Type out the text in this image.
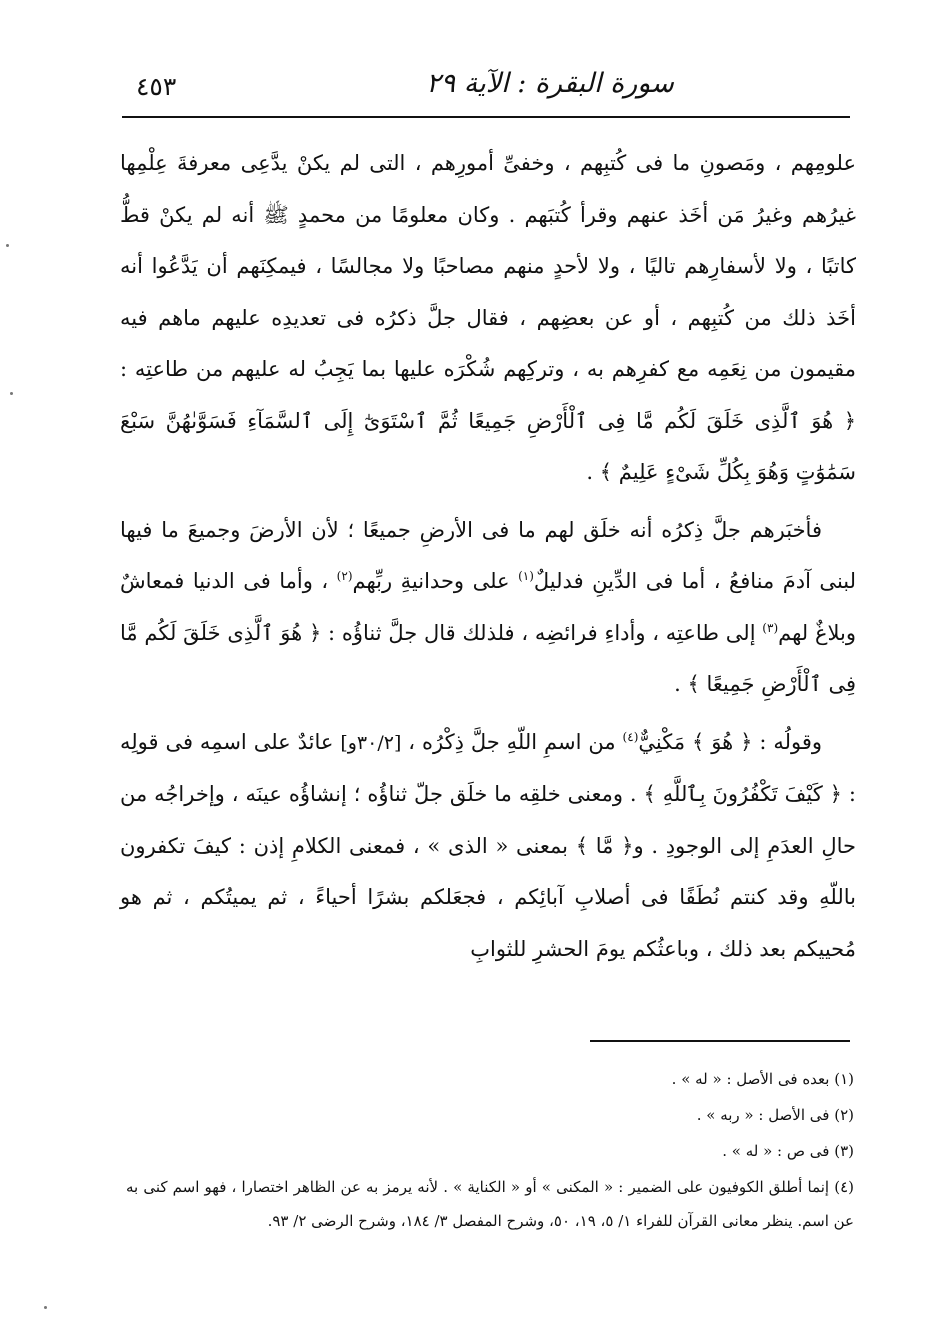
٤٥٣	سورة البقرة : الآية ٢٩

علومِهم ، ومَصونِ ما فى كُتبِهم ، وخفىِّ أمورِهم ، التى لم يكنْ يدَّعِى معرفةَ عِلْمِها غيرُهم وغيرُ مَن أخَذ عنهم وقرأ كُتبَهم . وكان معلومًا من محمدٍ ﷺ أنه لم يكنْ قطُّ كاتبًا ، ولا لأسفارِهم تاليًا ، ولا لأحدٍ منهم مصاحبًا ولا مجالسًا ، فيمكِنَهم أن يَدَّعُوا أنه أخَذ ذلك من كُتبِهم ، أو عن بعضِهم ، فقال جلَّ ذكرُه فى تعديدِه عليهم ماهم فيه مقيمون من نِعَمِه مع كفرِهم به ، وتركِهم شُكْرَه عليها بما يَجِبُ له عليهم من طاعتِه : ﴿ هُوَ ٱلَّذِى خَلَقَ لَكُم مَّا فِى ٱلْأَرْضِ جَمِيعًا ثُمَّ ٱسْتَوَىٰٓ إِلَى ٱلسَّمَآءِ فَسَوَّىٰهُنَّ سَبْعَ سَمَٰوَٰتٍ وَهُوَ بِكُلِّ شَىْءٍ عَلِيمٌ ﴾ .

فأخبَرهم جلَّ ذِكرُه أنه خلَق لهم ما فى الأرضِ جميعًا ؛ لأن الأرضَ وجميعَ ما فيها لبنى آدمَ منافعُ ، أما فى الدِّينِ فدليلٌ$^{(١)}$ على وحدانيةِ ربِّهم$^{(٢)}$ ، وأما فى الدنيا فمعاشٌ وبلاغٌ لهم$^{(٣)}$ إلى طاعتِه ، وأداءِ فرائضِه ، فلذلك قال جلَّ ثناؤُه : ﴿ هُوَ ٱلَّذِى خَلَقَ لَكُم مَّا فِى ٱلْأَرْضِ جَمِيعًا ﴾ .

وقولُه : ﴿ هُوَ ﴾ مَكْنِيٌّ$^{(٤)}$ من اسمِ اللّهِ جلَّ ذِكْرُه ، [٣٠/٢و] عائدٌ على اسمِه فى قولِه : ﴿ كَيْفَ تَكْفُرُونَ بِٱللَّهِ ﴾ . ومعنى خلقِه ما خلَق جلّ ثناؤُه ؛ إنشاؤُه عينَه ، وإخراجُه من حالِ العدَمِ إلى الوجودِ . و﴿ مَّا ﴾ بمعنى « الذى » ، فمعنى الكلامِ إذن : كيفَ تكفرون باللّهِ وقد كنتم نُطَفًا فى أصلابِ آبائِكم ، فجعَلكم بشرًا أحياءً ، ثم يميتُكم ، ثم هو مُحييكم بعد ذلك ، وباعثُكم يومَ الحشرِ للثوابِ

(١) بعده فى الأصل : « له » .

(٢) فى الأصل : « ربه » .

(٣) فى ص : « له » .

(٤) إنما أطلق الكوفيون على الضمير : « المكنى » أو « الكناية » . لأنه يرمز به عن الظاهر اختصارا ، فهو اسم كنى به عن اسم. ينظر معانى القرآن للفراء ١/ ٥، ١٩، ٥٠، وشرح المفصل ٣/ ١٨٤، وشرح الرضى ٢/ ٩٣.
